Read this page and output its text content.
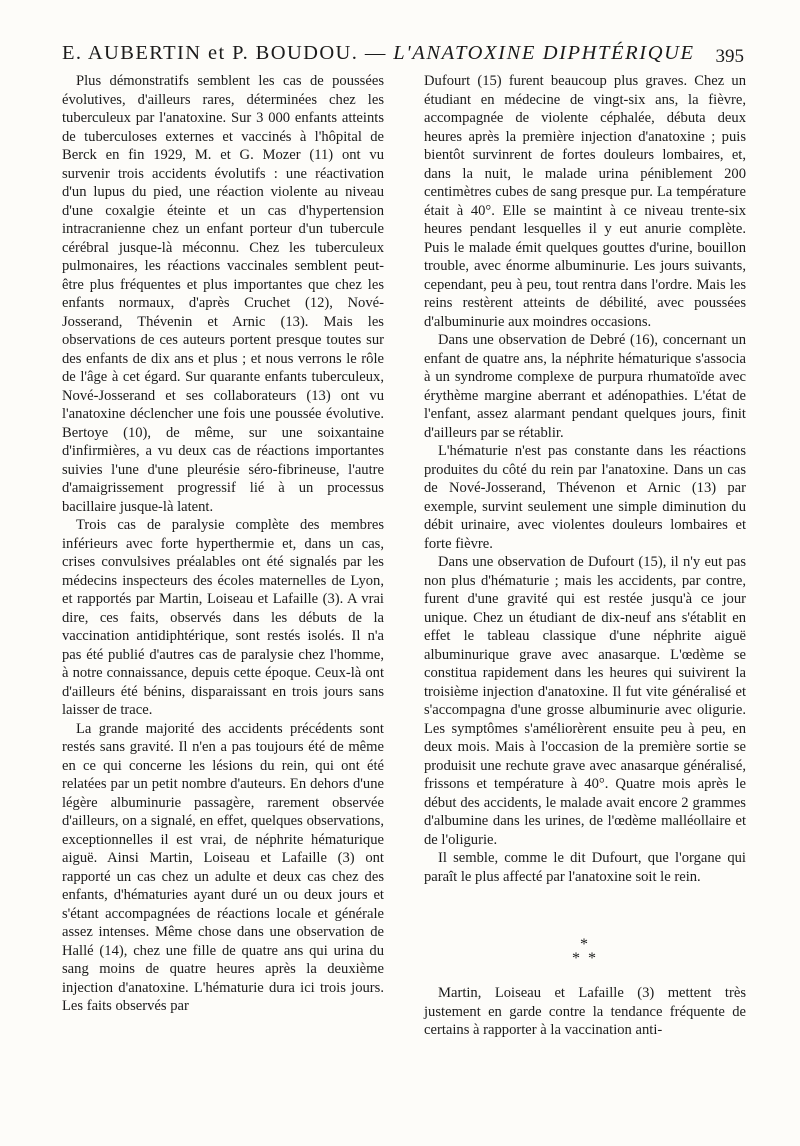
E. AUBERTIN et P. BOUDOU. — L'ANATOXINE DIPHTÉRIQUE	395

Plus démonstratifs semblent les cas de poussées évolutives, d'ailleurs rares, déterminées chez les tuberculeux par l'anatoxine. Sur 3 000 enfants atteints de tuberculoses externes et vaccinés à l'hôpital de Berck en fin 1929, M. et G. Mozer (11) ont vu survenir trois accidents évolutifs : une réactivation d'un lupus du pied, une réaction violente au niveau d'une coxalgie éteinte et un cas d'hypertension intracranienne chez un enfant porteur d'un tubercule cérébral jusque-là méconnu. Chez les tuberculeux pulmonaires, les réactions vaccinales semblent peut-être plus fréquentes et plus importantes que chez les enfants normaux, d'après Cruchet (12), Nové-Josserand, Thévenin et Arnic (13). Mais les observations de ces auteurs portent presque toutes sur des enfants de dix ans et plus ; et nous verrons le rôle de l'âge à cet égard. Sur quarante enfants tuberculeux, Nové-Josserand et ses collaborateurs (13) ont vu l'anatoxine déclencher une fois une poussée évolutive. Bertoye (10), de même, sur une soixantaine d'infirmières, a vu deux cas de réactions importantes suivies l'une d'une pleurésie séro-fibrineuse, l'autre d'amaigrissement progressif lié à un processus bacillaire jusque-là latent.

Trois cas de paralysie complète des membres inférieurs avec forte hyperthermie et, dans un cas, crises convulsives préalables ont été signalés par les médecins inspecteurs des écoles maternelles de Lyon, et rapportés par Martin, Loiseau et Lafaille (3). A vrai dire, ces faits, observés dans les débuts de la vaccination antidiphtérique, sont restés isolés. Il n'a pas été publié d'autres cas de paralysie chez l'homme, à notre connaissance, depuis cette époque. Ceux-là ont d'ailleurs été bénins, disparaissant en trois jours sans laisser de trace.

La grande majorité des accidents précédents sont restés sans gravité. Il n'en a pas toujours été de même en ce qui concerne les lésions du rein, qui ont été relatées par un petit nombre d'auteurs. En dehors d'une légère albuminurie passagère, rarement observée d'ailleurs, on a signalé, en effet, quelques observations, exceptionnelles il est vrai, de néphrite hématurique aiguë. Ainsi Martin, Loiseau et Lafaille (3) ont rapporté un cas chez un adulte et deux cas chez des enfants, d'hématuries ayant duré un ou deux jours et s'étant accompagnées de réactions locale et générale assez intenses. Même chose dans une observation de Hallé (14), chez une fille de quatre ans qui urina du sang moins de quatre heures après la deuxième injection d'anatoxine. L'hématurie dura ici trois jours. Les faits observés par

Dufourt (15) furent beaucoup plus graves. Chez un étudiant en médecine de vingt-six ans, la fièvre, accompagnée de violente céphalée, débuta deux heures après la première injection d'anatoxine ; puis bientôt survinrent de fortes douleurs lombaires, et, dans la nuit, le malade urina péniblement 200 centimètres cubes de sang presque pur. La température était à 40°. Elle se maintint à ce niveau trente-six heures pendant lesquelles il y eut anurie complète. Puis le malade émit quelques gouttes d'urine, bouillon trouble, avec énorme albuminurie. Les jours suivants, cependant, peu à peu, tout rentra dans l'ordre. Mais les reins restèrent atteints de débilité, avec poussées d'albuminurie aux moindres occasions.

Dans une observation de Debré (16), concernant un enfant de quatre ans, la néphrite hématurique s'associa à un syndrome complexe de purpura rhumatoïde avec érythème margine aberrant et adénopathies. L'état de l'enfant, assez alarmant pendant quelques jours, finit d'ailleurs par se rétablir.

L'hématurie n'est pas constante dans les réactions produites du côté du rein par l'anatoxine. Dans un cas de Nové-Josserand, Thévenon et Arnic (13) par exemple, survint seulement une simple diminution du débit urinaire, avec violentes douleurs lombaires et forte fièvre.

Dans une observation de Dufourt (15), il n'y eut pas non plus d'hématurie ; mais les accidents, par contre, furent d'une gravité qui est restée jusqu'à ce jour unique. Chez un étudiant de dix-neuf ans s'établit en effet le tableau classique d'une néphrite aiguë albuminurique grave avec anasarque. L'œdème se constitua rapidement dans les heures qui suivirent la troisième injection d'anatoxine. Il fut vite généralisé et s'accompagna d'une grosse albuminurie avec oligurie. Les symptômes s'améliorèrent ensuite peu à peu, en deux mois. Mais à l'occasion de la première sortie se produisit une rechute grave avec anasarque généralisé, frissons et température à 40°. Quatre mois après le début des accidents, le malade avait encore 2 grammes d'albumine dans les urines, de l'œdème malléollaire et de l'oligurie.

Il semble, comme le dit Dufourt, que l'organe qui paraît le plus affecté par l'anatoxine soit le rein.

*
* *

Martin, Loiseau et Lafaille (3) mettent très justement en garde contre la tendance fréquente de certains à rapporter à la vaccination anti-
